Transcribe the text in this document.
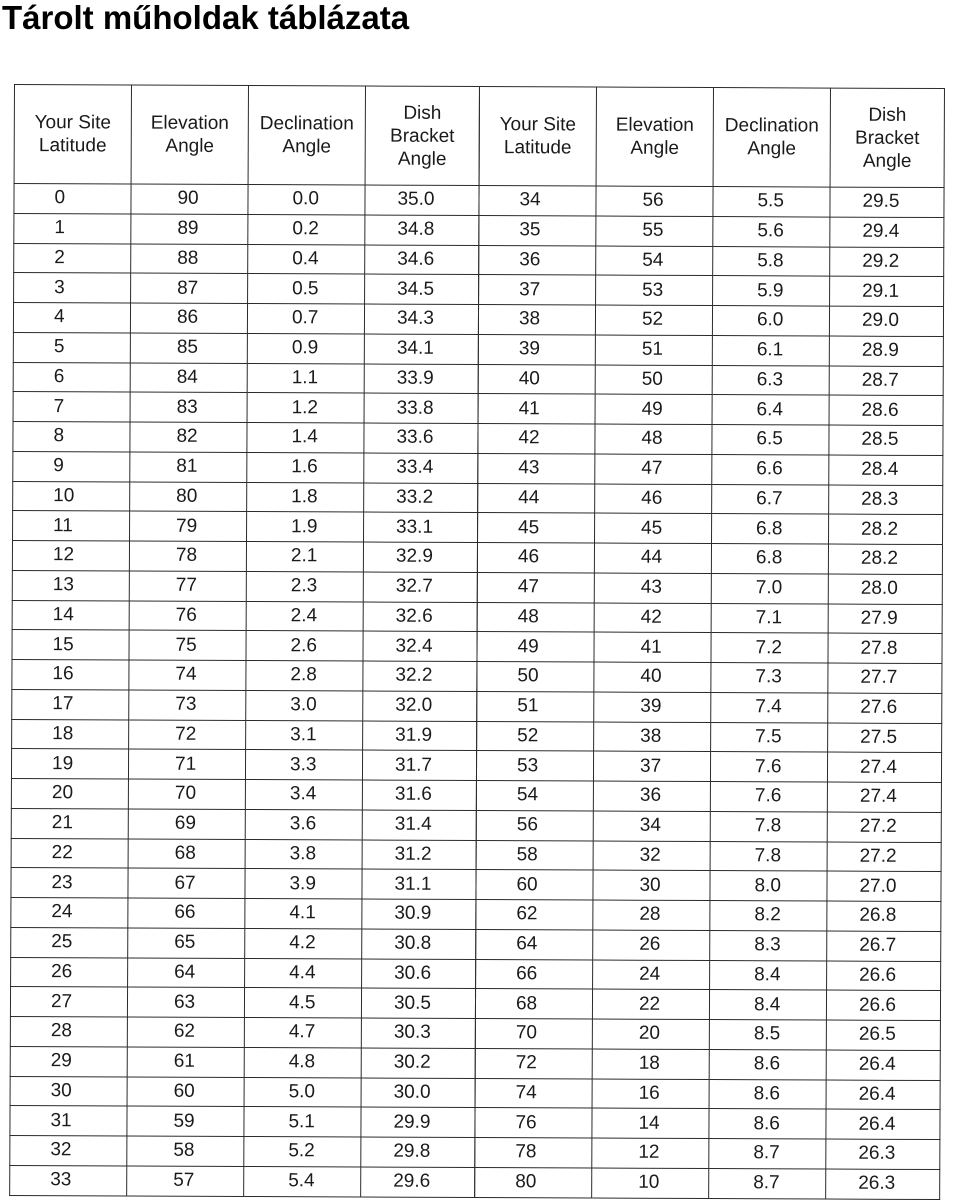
Tárolt műholdak táblázata
Your Site Latitude	Elevation Angle	Declination Angle	Dish Bracket Angle
0	90	0.0	35.0
1	89	0.2	34.8
2	88	0.4	34.6
3	87	0.5	34.5
4	86	0.7	34.3
5	85	0.9	34.1
6	84	1.1	33.9
7	83	1.2	33.8
8	82	1.4	33.6
9	81	1.6	33.4
10	80	1.8	33.2
11	79	1.9	33.1
12	78	2.1	32.9
13	77	2.3	32.7
14	76	2.4	32.6
15	75	2.6	32.4
16	74	2.8	32.2
17	73	3.0	32.0
18	72	3.1	31.9
19	71	3.3	31.7
20	70	3.4	31.6
21	69	3.6	31.4
22	68	3.8	31.2
23	67	3.9	31.1
24	66	4.1	30.9
25	65	4.2	30.8
26	64	4.4	30.6
27	63	4.5	30.5
28	62	4.7	30.3
29	61	4.8	30.2
30	60	5.0	30.0
31	59	5.1	29.9
32	58	5.2	29.8
33	57	5.4	29.6
Your Site Latitude	Elevation Angle	Declination Angle	Dish Bracket Angle
34	56	5.5	29.5
35	55	5.6	29.4
36	54	5.8	29.2
37	53	5.9	29.1
38	52	6.0	29.0
39	51	6.1	28.9
40	50	6.3	28.7
41	49	6.4	28.6
42	48	6.5	28.5
43	47	6.6	28.4
44	46	6.7	28.3
45	45	6.8	28.2
46	44	6.8	28.2
47	43	7.0	28.0
48	42	7.1	27.9
49	41	7.2	27.8
50	40	7.3	27.7
51	39	7.4	27.6
52	38	7.5	27.5
53	37	7.6	27.4
54	36	7.6	27.4
56	34	7.8	27.2
58	32	7.8	27.2
60	30	8.0	27.0
62	28	8.2	26.8
64	26	8.3	26.7
66	24	8.4	26.6
68	22	8.4	26.6
70	20	8.5	26.5
72	18	8.6	26.4
74	16	8.6	26.4
76	14	8.6	26.4
78	12	8.7	26.3
80	10	8.7	26.3
